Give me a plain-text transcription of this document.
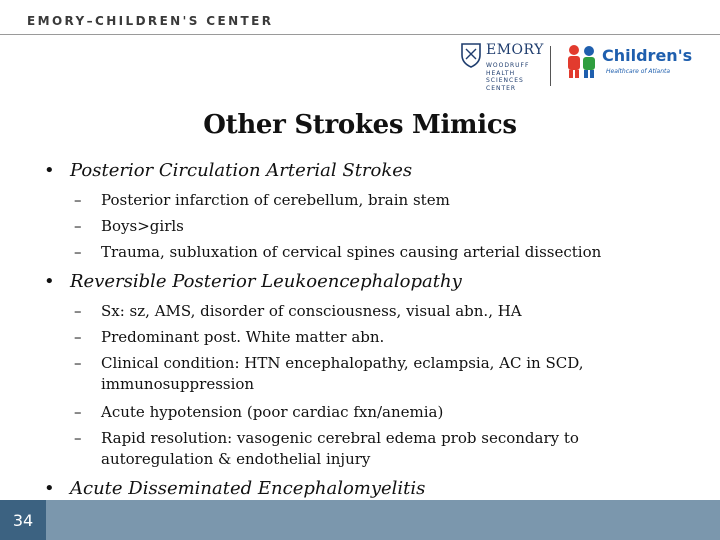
EMORY–CHILDREN'S CENTER
EMORY
WOODRUFF
HEALTH
SCIENCES
CENTER
Children's
Healthcare of Atlanta
Other Strokes Mimics
• Posterior Circulation Arterial Strokes
– Posterior infarction of cerebellum, brain stem
– Boys>girls
– Trauma, subluxation of cervical spines causing arterial dissection
• Reversible Posterior Leukoencephalopathy
– Sx: sz, AMS, disorder of consciousness, visual abn., HA
– Predominant post. White matter abn.
– Clinical condition: HTN encephalopathy, eclampsia, AC in SCD, immunosuppression
– Acute hypotension (poor cardiac fxn/anemia)
– Rapid resolution: vasogenic cerebral edema prob secondary to autoregulation & endothelial injury
• Acute Disseminated Encephalomyelitis
34
